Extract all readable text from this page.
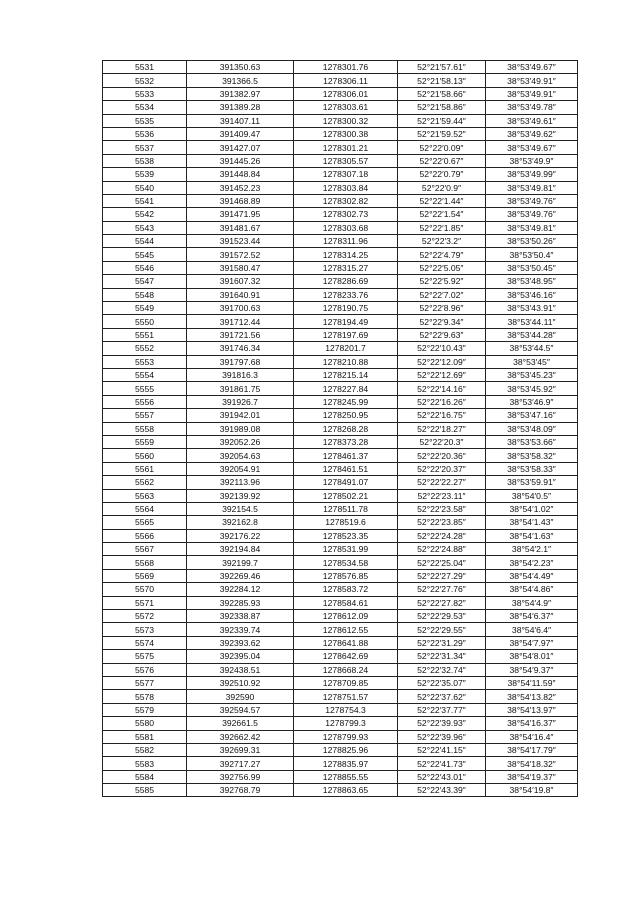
5531	391350.63	1278301.76	52°21′57.61″	38°53′49.67″
5532	391366.5	1278306.11	52°21′58.13″	38°53′49.91″
5533	391382.97	1278306.01	52°21′58.66″	38°53′49.91″
5534	391389.28	1278303.61	52°21′58.86″	38°53′49.78″
5535	391407.11	1278300.32	52°21′59.44″	38°53′49.61″
5536	391409.47	1278300.38	52°21′59.52″	38°53′49.62″
5537	391427.07	1278301.21	52°22′0.09″	38°53′49.67″
5538	391445.26	1278305.57	52°22′0.67″	38°53′49.9″
5539	391448.84	1278307.18	52°22′0.79″	38°53′49.99″
5540	391452.23	1278303.84	52°22′0.9″	38°53′49.81″
5541	391468.89	1278302.82	52°22′1.44″	38°53′49.76″
5542	391471.95	1278302.73	52°22′1.54″	38°53′49.76″
5543	391481.67	1278303.68	52°22′1.85″	38°53′49.81″
5544	391523.44	1278311.96	52°22′3.2″	38°53′50.26″
5545	391572.52	1278314.25	52°22′4.79″	38°53′50.4″
5546	391580.47	1278315.27	52°22′5.05″	38°53′50.45″
5547	391607.32	1278286.69	52°22′5.92″	38°53′48.95″
5548	391640.91	1278233.76	52°22′7.02″	38°53′46.16″
5549	391700.63	1278190.75	52°22′8.96″	38°53′43.91″
5550	391712.44	1278194.49	52°22′9.34″	38°53′44.11″
5551	391721.56	1278197.69	52°22′9.63″	38°53′44.28″
5552	391746.34	1278201.7	52°22′10.43″	38°53′44.5″
5553	391797.68	1278210.88	52°22′12.09″	38°53′45″
5554	391816.3	1278215.14	52°22′12.69″	38°53′45.23″
5555	391861.75	1278227.84	52°22′14.16″	38°53′45.92″
5556	391926.7	1278245.99	52°22′16.26″	38°53′46.9″
5557	391942.01	1278250.95	52°22′16.75″	38°53′47.16″
5558	391989.08	1278268.28	52°22′18.27″	38°53′48.09″
5559	392052.26	1278373.28	52°22′20.3″	38°53′53.66″
5560	392054.63	1278461.37	52°22′20.36″	38°53′58.32″
5561	392054.91	1278461.51	52°22′20.37″	38°53′58.33″
5562	392113.96	1278491.07	52°22′22.27″	38°53′59.91″
5563	392139.92	1278502.21	52°22′23.11″	38°54′0.5″
5564	392154.5	1278511.78	52°22′23.58″	38°54′1.02″
5565	392162.8	1278519.6	52°22′23.85″	38°54′1.43″
5566	392176.22	1278523.35	52°22′24.28″	38°54′1.63″
5567	392194.84	1278531.99	52°22′24.88″	38°54′2.1″
5568	392199.7	1278534.58	52°22′25.04″	38°54′2.23″
5569	392269.46	1278576.85	52°22′27.29″	38°54′4.49″
5570	392284.12	1278583.72	52°22′27.76″	38°54′4.86″
5571	392285.93	1278584.61	52°22′27.82″	38°54′4.9″
5572	392338.87	1278612.09	52°22′29.53″	38°54′6.37″
5573	392339.74	1278612.55	52°22′29.55″	38°54′6.4″
5574	392393.62	1278641.88	52°22′31.29″	38°54′7.97″
5575	392395.04	1278642.69	52°22′31.34″	38°54′8.01″
5576	392438.51	1278668.24	52°22′32.74″	38°54′9.37″
5577	392510.92	1278709.85	52°22′35.07″	38°54′11.59″
5578	392590	1278751.57	52°22′37.62″	38°54′13.82″
5579	392594.57	1278754.3	52°22′37.77″	38°54′13.97″
5580	392661.5	1278799.3	52°22′39.93″	38°54′16.37″
5581	392662.42	1278799.93	52°22′39.96″	38°54′16.4″
5582	392699.31	1278825.96	52°22′41.15″	38°54′17.79″
5583	392717.27	1278835.97	52°22′41.73″	38°54′18.32″
5584	392756.99	1278855.55	52°22′43.01″	38°54′19.37″
5585	392768.79	1278863.65	52°22′43.39″	38°54′19.8″
